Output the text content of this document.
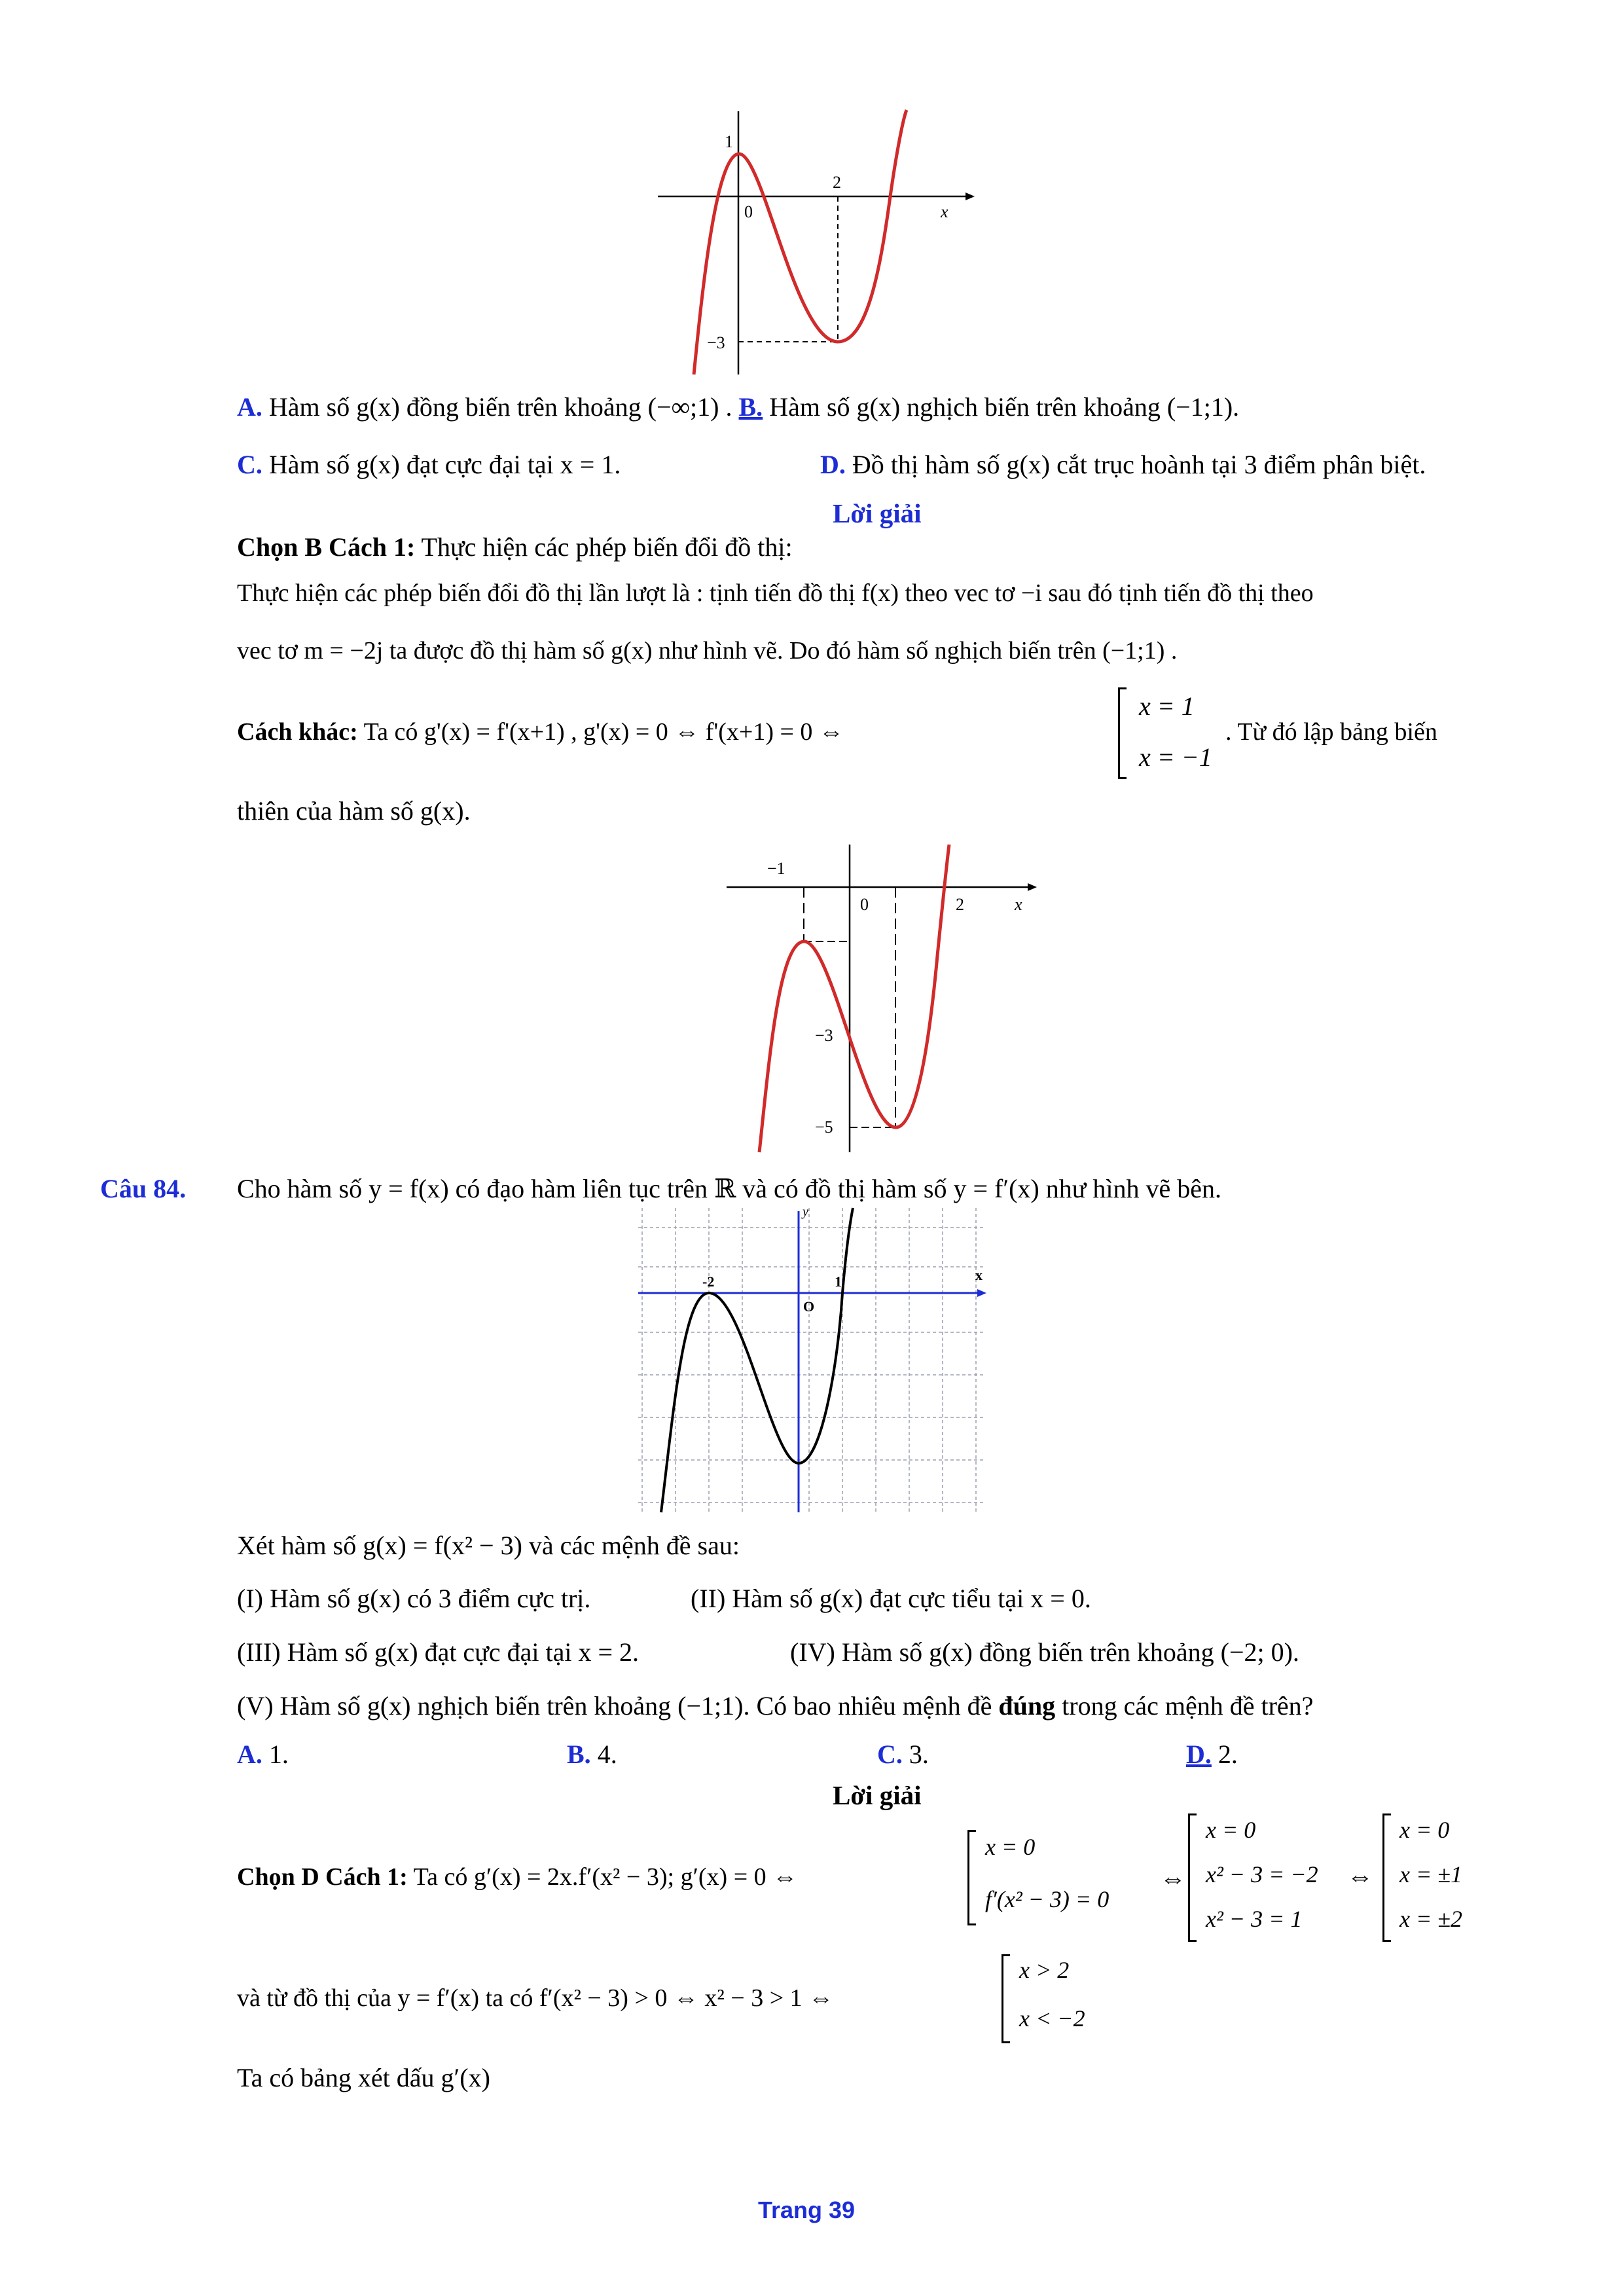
1
0
2
−3
x
A. Hàm số g(x) đồng biến trên khoảng (−∞;1) . B. Hàm số g(x) nghịch biến trên khoảng (−1;1).
C. Hàm số g(x) đạt cực đại tại x = 1.	D. Đồ thị hàm số g(x) cắt trục hoành tại 3 điểm phân biệt.
Lời giải
Chọn B Cách 1: Thực hiện các phép biến đổi đồ thị:
Thực hiện các phép biến đổi đồ thị lần lượt là : tịnh tiến đồ thị f(x) theo vec tơ −i sau đó tịnh tiến đồ thị theo
vec tơ m = −2j ta được đồ thị hàm số g(x) như hình vẽ. Do đó hàm số nghịch biến trên (−1;1) .
Cách khác: Ta có g'(x) = f'(x+1) , g'(x) = 0 ⇔ f'(x+1) = 0 ⇔
x = 1
x = −1
. Từ đó lập bảng biến
thiên của hàm số g(x).
−1
0	2
−3
−5
x
Câu 84. Cho hàm số y = f(x) có đạo hàm liên tục trên ℝ và có đồ thị hàm số y = f′(x) như hình vẽ bên.
y
-2
O
1	x
Xét hàm số g(x) = f(x² − 3) và các mệnh đề sau:
(I) Hàm số g(x) có 3 điểm cực trị.	(II) Hàm số g(x) đạt cực tiểu tại x = 0.
(III) Hàm số g(x) đạt cực đại tại x = 2.	(IV) Hàm số g(x) đồng biến trên khoảng (−2; 0).
(V) Hàm số g(x) nghịch biến trên khoảng (−1;1). Có bao nhiêu mệnh đề đúng trong các mệnh đề trên?
A. 1.	B. 4.	C. 3.	D. 2.
Lời giải
Chọn D Cách 1: Ta có g′(x) = 2x.f′(x² − 3); g′(x) = 0 ⇔
x = 0
f′(x² − 3) = 0
⇔
x = 0
x² − 3 = −2
x² − 3 = 1
⇔
x = 0
x = ±1
x = ±2
và từ đồ thị của y = f′(x) ta có f′(x² − 3) > 0 ⇔ x² − 3 > 1 ⇔
x > 2
x < −2
Ta có bảng xét dấu g′(x)
Trang 39
